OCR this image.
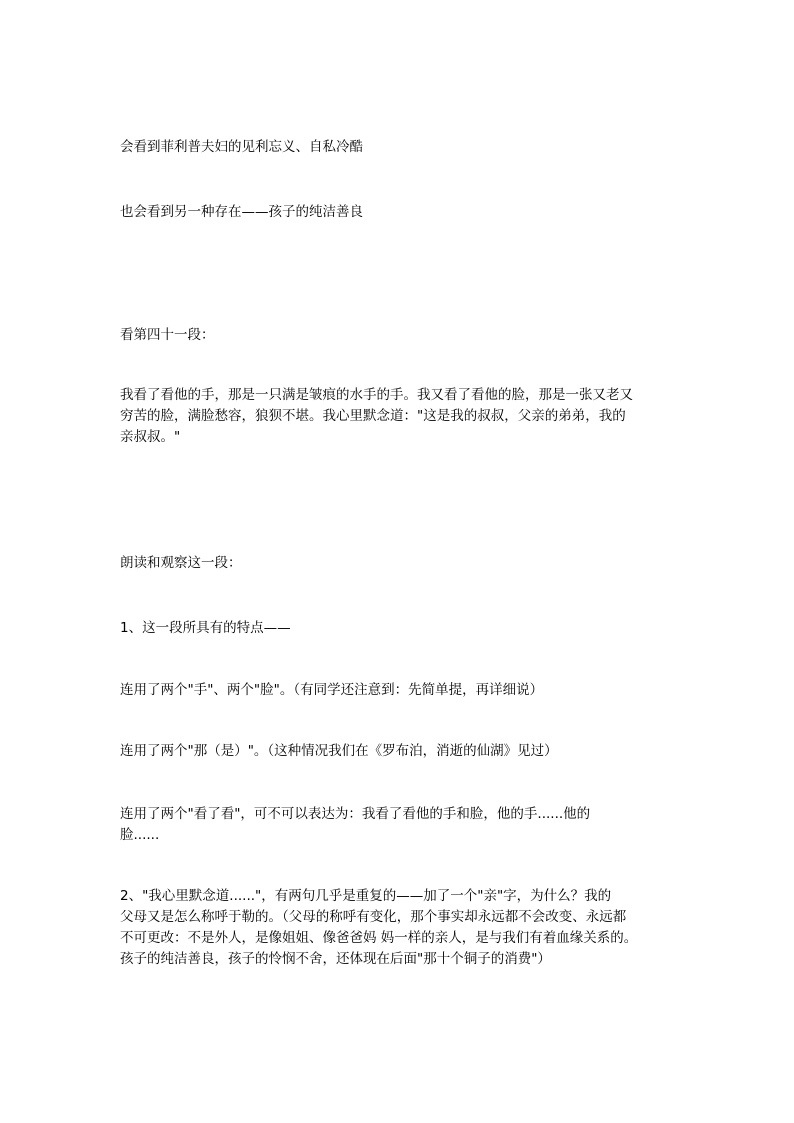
会看到菲利普夫妇的见利忘义、自私冷酷

也会看到另一种存在——孩子的纯洁善良

看第四十一段：

我看了看他的手，那是一只满是皱痕的水手的手。我又看了看他的脸，那是一张又老又
穷苦的脸，满脸愁容，狼狈不堪。我心里默念道："这是我的叔叔，父亲的弟弟，我的
亲叔叔。"

朗读和观察这一段：

1、这一段所具有的特点——

连用了两个"手"、两个"脸"。（有同学还注意到：先简单提，再详细说）

连用了两个"那（是）"。（这种情况我们在《罗布泊，消逝的仙湖》见过）

连用了两个"看了看"，可不可以表达为：我看了看他的手和脸，他的手......他的
脸......

2、"我心里默念道......"，有两句几乎是重复的——加了一个"亲"字，为什么？我的
父母又是怎么称呼于勒的。（父母的称呼有变化，那个事实却永远都不会改变、永远都
不可更改：不是外人，是像姐姐、像爸爸妈 妈一样的亲人，是与我们有着血缘关系的。
孩子的纯洁善良，孩子的怜悯不舍，还体现在后面"那十个铜子的消费"）
